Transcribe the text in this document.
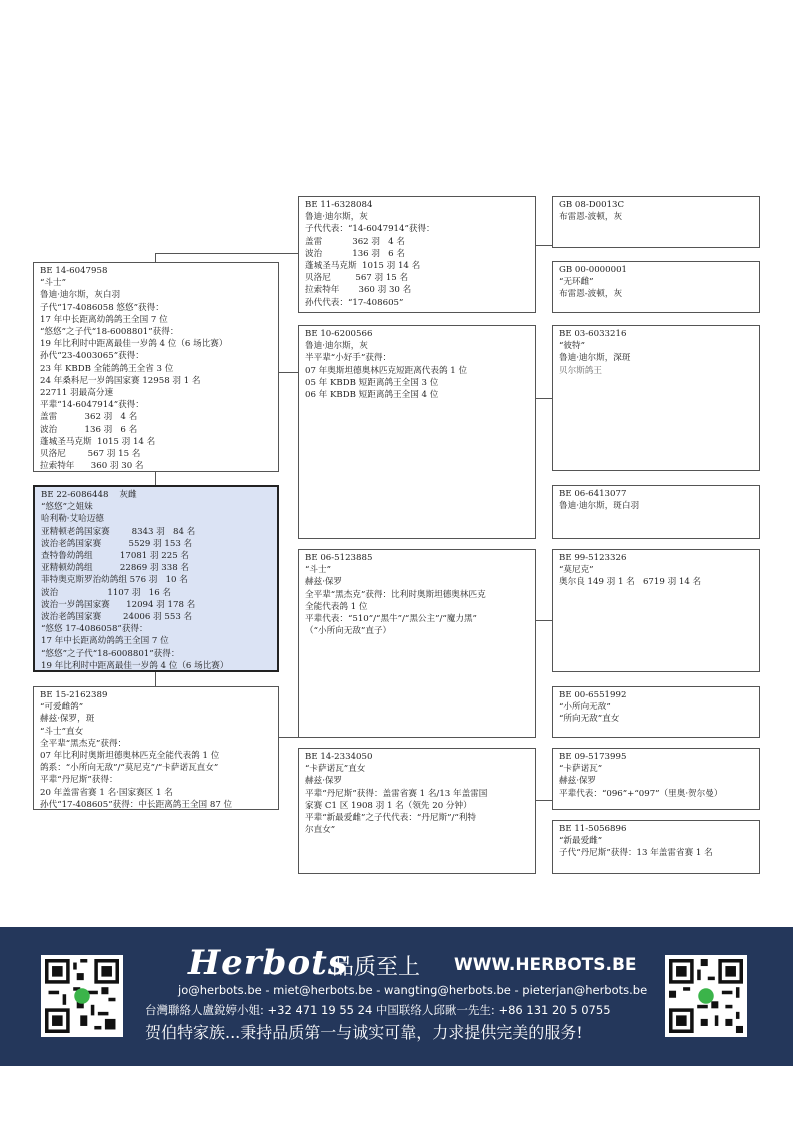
BE 14-6047958
“斗士”
鲁迪·迪尔斯，灰白羽
子代“17-4086058 悠悠”获得：
17 年中长距离幼鸽鸽王全国 7 位
“悠悠”之子代“18-6008801”获得：
19 年比利时中距离最佳一岁鸽 4 位（6 场比赛）
孙代“23-4003065”获得：
23 年 KBDB 全能鸽鸽王全省 3 位
24 年桑科尼一岁鸽国家赛 12958 羽 1 名
22711 羽最高分速
平辈“14-6047914”获得：
盖雷          362 羽   4 名
波治          136 羽   6 名
蓬城圣马克斯  1015 羽 14 名
贝洛尼        567 羽 15 名
拉索特年      360 羽 30 名
BE 22-6086448    灰雌
“悠悠”之姐妹
哈利勒·艾哈迈德
亚精顿老鸽国家赛        8343 羽   84 名
波治老鸽国家赛          5529 羽 153 名
查特鲁幼鸽组          17081 羽 225 名
亚精顿幼鸽组          22869 羽 338 名
菲特奥克斯罗治幼鸽组 576 羽   10 名
波治                  1107 羽   16 名
波治一岁鸽国家赛      12094 羽 178 名
波治老鸽国家赛        24006 羽 553 名
“悠悠 17-4086058”获得：
17 年中长距离幼鸽鸽王全国 7 位
“悠悠”之子代“18-6008801”获得：
19 年比利时中距离最佳一岁鸽 4 位（6 场比赛）
BE 15-2162389
“可爱雌鸽”
赫兹·保罗，斑
“斗士”直女
全平辈“黑杰克”获得：
07 年比利时奥斯坦德奥林匹克全能代表鸽 1 位
鸽系：“小所向无敌”/“莫尼克”/“卡萨诺瓦直女”
平辈“丹尼斯”获得：
20 年盖雷省赛 1 名·国家赛区 1 名
孙代“17-408605”获得：中长距离鸽王全国 87 位
BE 11-6328084
鲁迪·迪尔斯，灰
子代代表：“14-6047914”获得：
盖雷           362 羽   4 名
波治           136 羽   6 名
蓬城圣马克斯  1015 羽 14 名
贝洛尼         567 羽 15 名
拉索特年       360 羽 30 名
孙代代表：“17-408605”
BE 10-6200566
鲁迪·迪尔斯，灰
半平辈“小好手”获得：
07 年奥斯坦德奥林匹克短距离代表鸽 1 位
05 年 KBDB 短距离鸽王全国 3 位
06 年 KBDB 短距离鸽王全国 4 位
BE 06-5123885
“斗士”
赫兹·保罗
全平辈“黑杰克”获得：比利时奥斯坦德奥林匹克
全能代表鸽 1 位
平辈代表：“510”/“黑牛”/“黑公主”/“魔力黑”
（“小所向无敌”直子）
BE 14-2334050
“卡萨诺瓦”直女
赫兹·保罗
平辈“丹尼斯”获得：盖雷省赛 1 名/13 年盖雷国
家赛 C1 区 1908 羽 1 名（领先 20 分钟）
平辈“新最爱雌”之子代代表：“丹尼斯”/“利特
尔直女”
GB 08-D0013C
布雷恩-波顿，灰
GB 00-0000001
“无环雌”
布雷恩-波顿，灰
BE 03-6033216
“彼特”
鲁迪·迪尔斯，深斑
贝尔斯鸽王
BE 06-6413077
鲁迪·迪尔斯，斑白羽
BE 99-5123326
“莫尼克”
奥尔良 149 羽 1 名   6719 羽 14 名
BE 00-6551992
“小所向无敌”
“所向无敌”直女
BE 09-5173995
“卡萨诺瓦”
赫兹·保罗
平辈代表：“096”+“097”（里奥·贺尔曼）
BE 11-5056896
“新最爱雌”
子代“丹尼斯”获得：13 年盖雷省赛 1 名
Herbots
品质至上 WWW.HERBOTS.BE
jo@herbots.be - miet@herbots.be - wangting@herbots.be - pieterjan@herbots.be
台灣聯絡人盧銳婷小姐: +32 471 19 55 24 中国联络人邱瞅一先生: +86 131 20 5 0755
贺伯特家族...秉持品质第一与诚实可靠，力求提供完美的服务!
